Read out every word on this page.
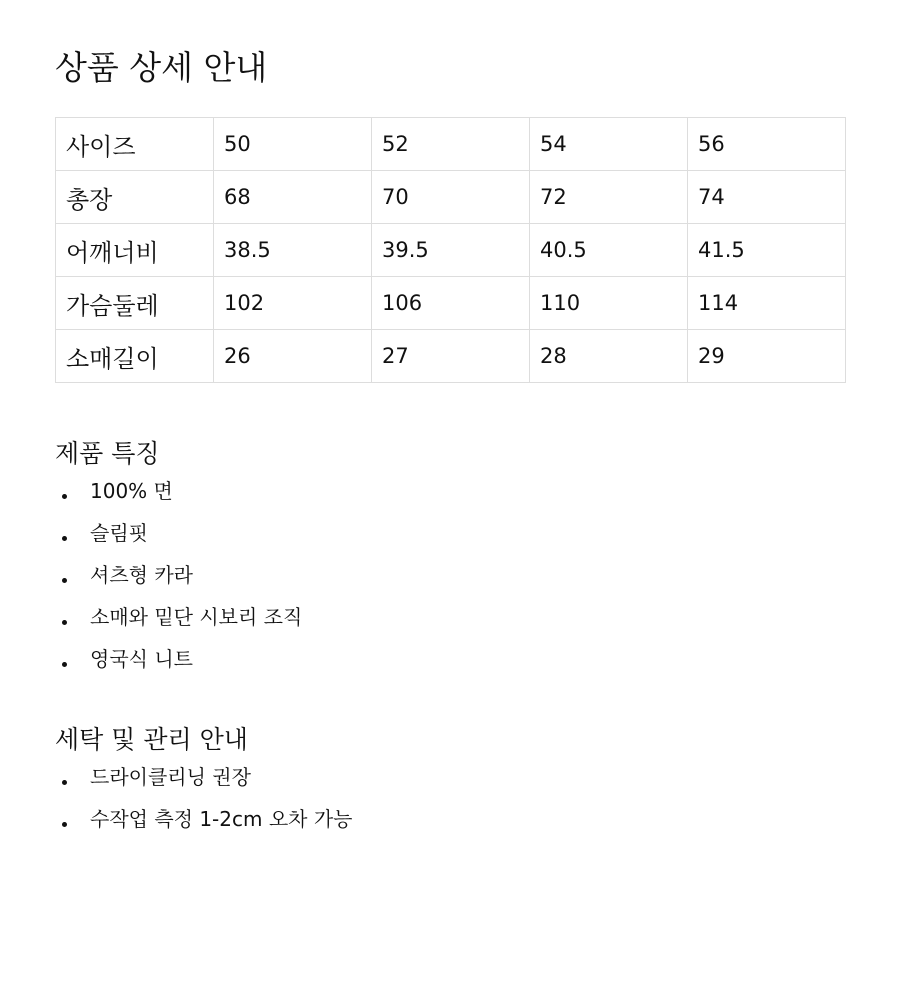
상품 상세 안내
사이즈	50	52	54	56
총장	68	70	72	74
어깨너비	38.5	39.5	40.5	41.5
가슴둘레	102	106	110	114
소매길이	26	27	28	29
제품 특징
100% 면
슬림핏
셔츠형 카라
소매와 밑단 시보리 조직
영국식 니트
세탁 및 관리 안내
드라이클리닝 권장
수작업 측정 1-2cm 오차 가능
